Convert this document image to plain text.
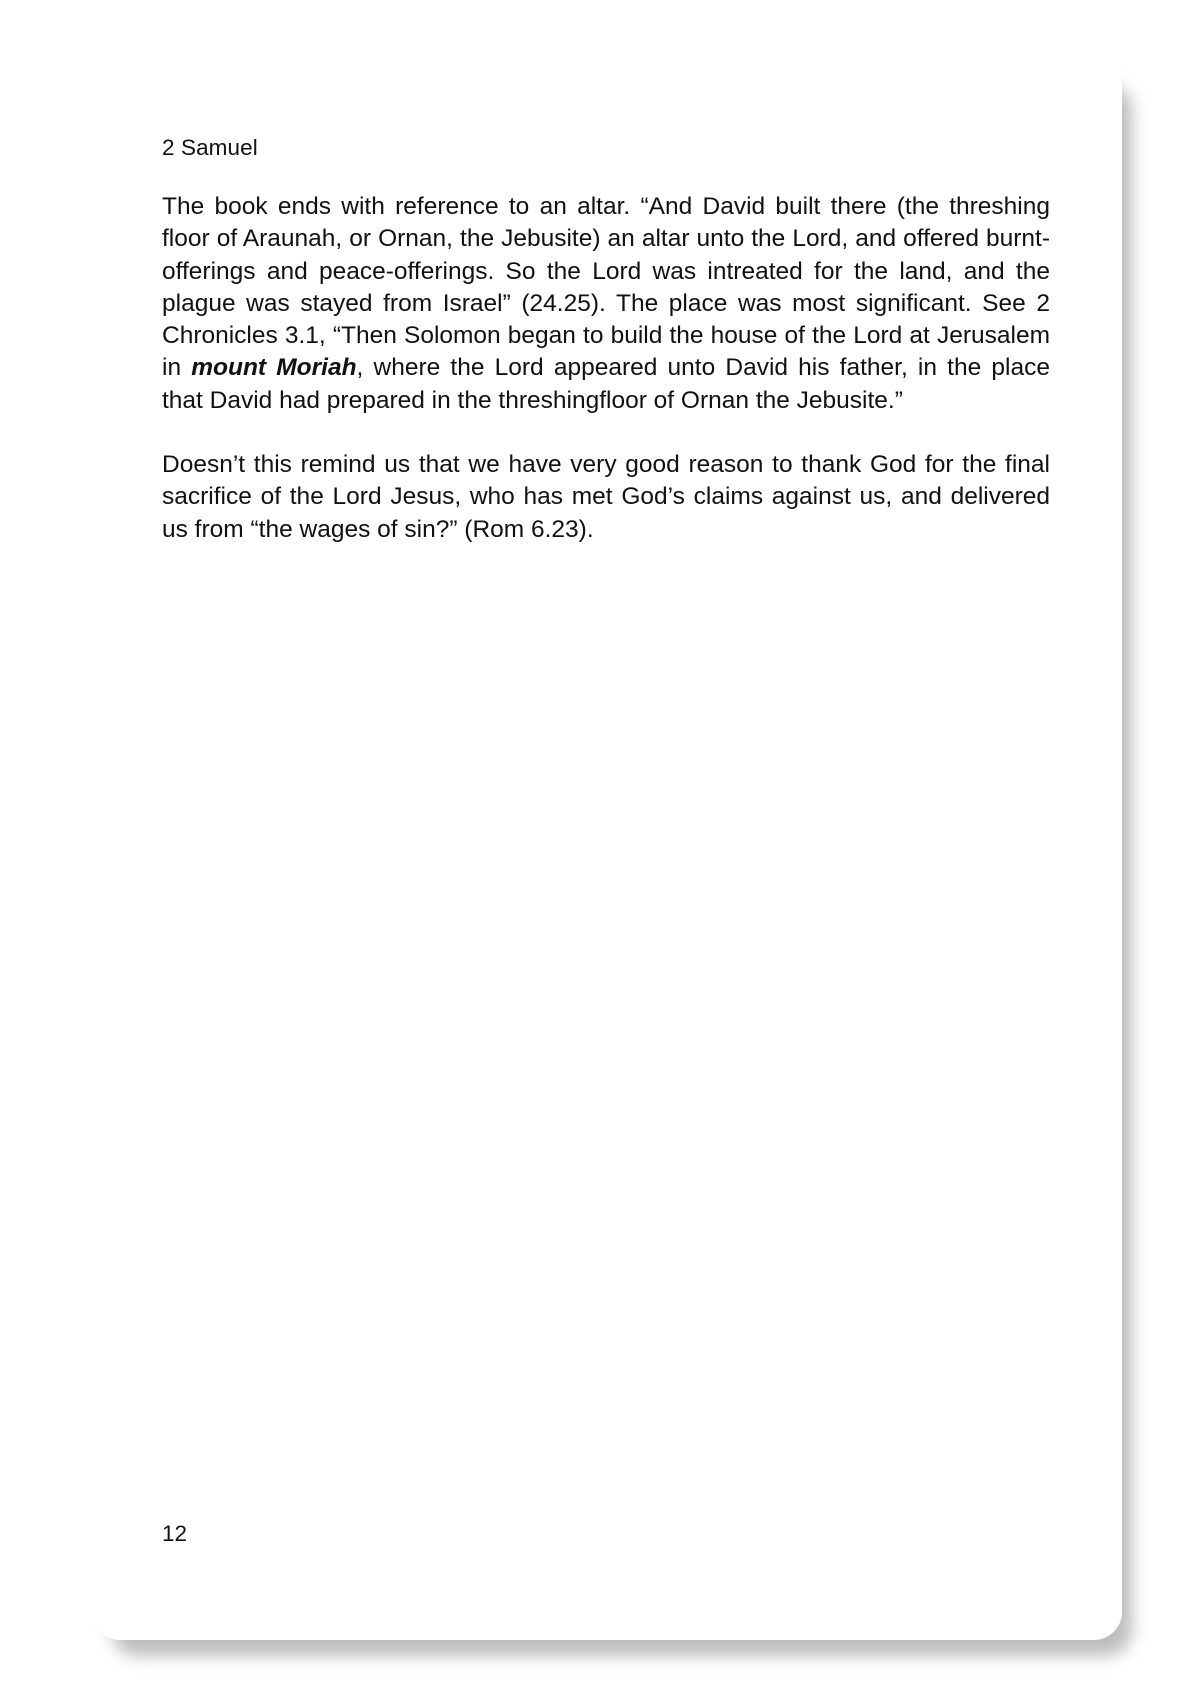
2 Samuel

The book ends with reference to an altar. “And David built there (the threshing floor of Araunah, or Ornan, the Jebusite) an altar unto the Lord, and offered burnt-offerings and peace-offerings. So the Lord was intreated for the land, and the plague was stayed from Israel” (24.25). The place was most significant. See 2 Chronicles 3.1, “Then Solomon began to build the house of the Lord at Jerusalem in mount Moriah, where the Lord appeared unto David his father, in the place that David had prepared in the threshingfloor of Ornan the Jebusite.”

Doesn’t this remind us that we have very good reason to thank God for the final sacrifice of the Lord Jesus, who has met God’s claims against us, and delivered us from “the wages of sin?” (Rom 6.23).

12
